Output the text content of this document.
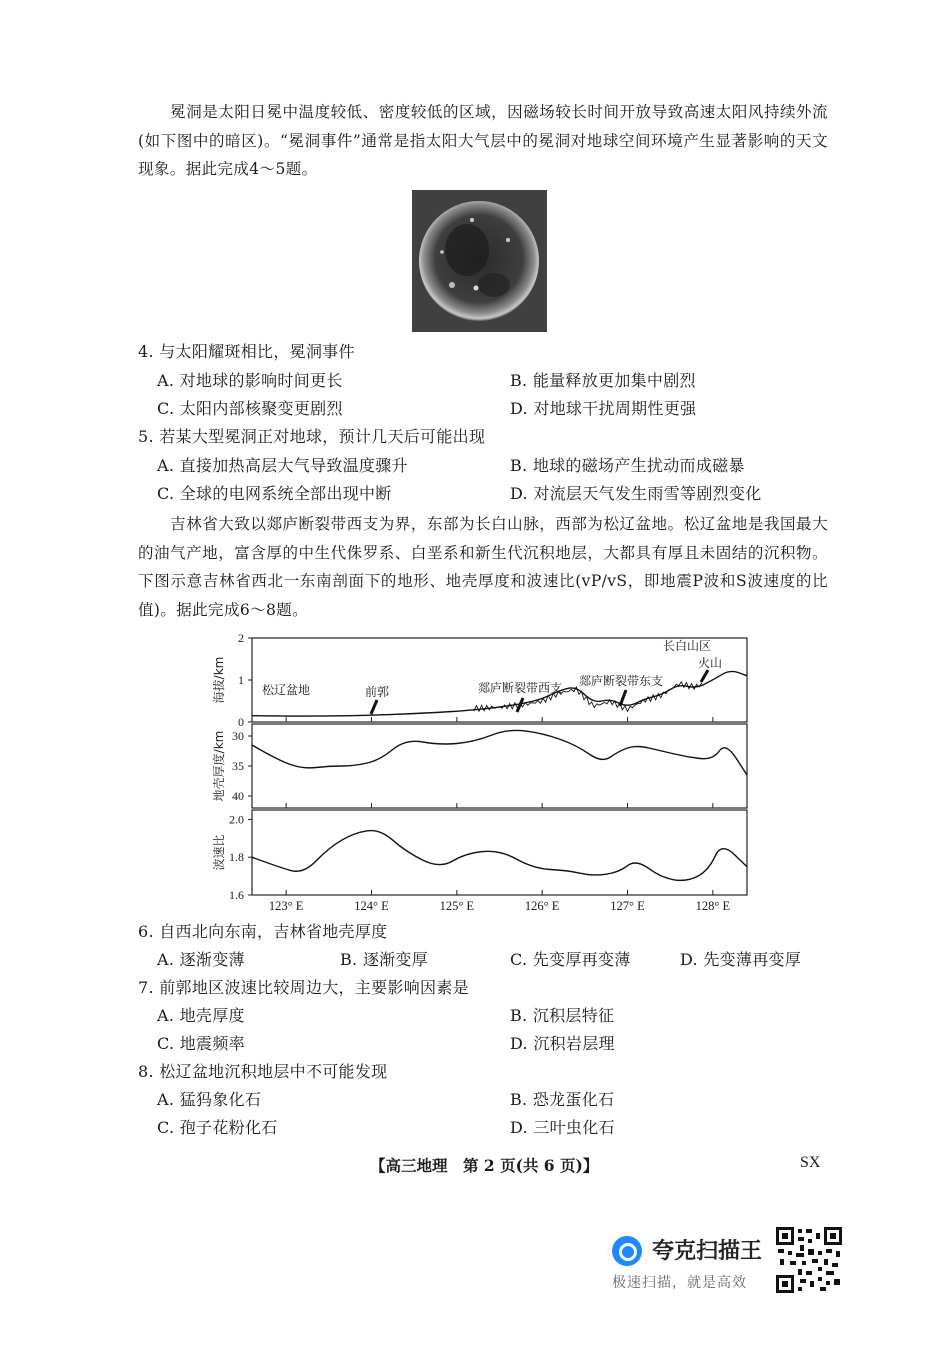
冕洞是太阳日冕中温度较低、密度较低的区域，因磁场较长时间开放导致高速太阳风持续外流(如下图中的暗区)。“冕洞事件”通常是指太阳大气层中的冕洞对地球空间环境产生显著影响的天文现象。据此完成4～5题。
4. 与太阳耀斑相比，冕洞事件
A. 对地球的影响时间更长	B. 能量释放更加集中剧烈
C. 太阳内部核聚变更剧烈	D. 对地球干扰周期性更强
5. 若某大型冕洞正对地球，预计几天后可能出现
A. 直接加热高层大气导致温度骤升	B. 地球的磁场产生扰动而成磁暴
C. 全球的电网系统全部出现中断	D. 对流层天气发生雨雪等剧烈变化
吉林省大致以郯庐断裂带西支为界，东部为长白山脉，西部为松辽盆地。松辽盆地是我国最大的油气产地，富含厚的中生代侏罗系、白垩系和新生代沉积地层，大都具有厚且未固结的沉积物。下图示意吉林省西北一东南剖面下的地形、地壳厚度和波速比(vP/vS，即地震P波和S波速度的比值)。据此完成6～8题。
0
1
2
海拔/km
30
35
40
地壳厚度/km
1.6
1.8
2.0
波速比
123° E	124° E	125° E	126° E	127° E	128° E
松辽盆地	前郭	郯庐断裂带西支 郯庐断裂带东支
长白山区
火山
6. 自西北向东南，吉林省地壳厚度
A. 逐渐变薄	B. 逐渐变厚	C. 先变厚再变薄	D. 先变薄再变厚
7. 前郭地区波速比较周边大，主要影响因素是
A. 地壳厚度	B. 沉积层特征
C. 地震频率	D. 沉积岩层理
8. 松辽盆地沉积地层中不可能发现
A. 猛犸象化石	B. 恐龙蛋化石
C. 孢子花粉化石	D. 三叶虫化石
【高三地理　第 2 页(共 6 页)】	SX
夸克扫描王
极速扫描，就是高效
